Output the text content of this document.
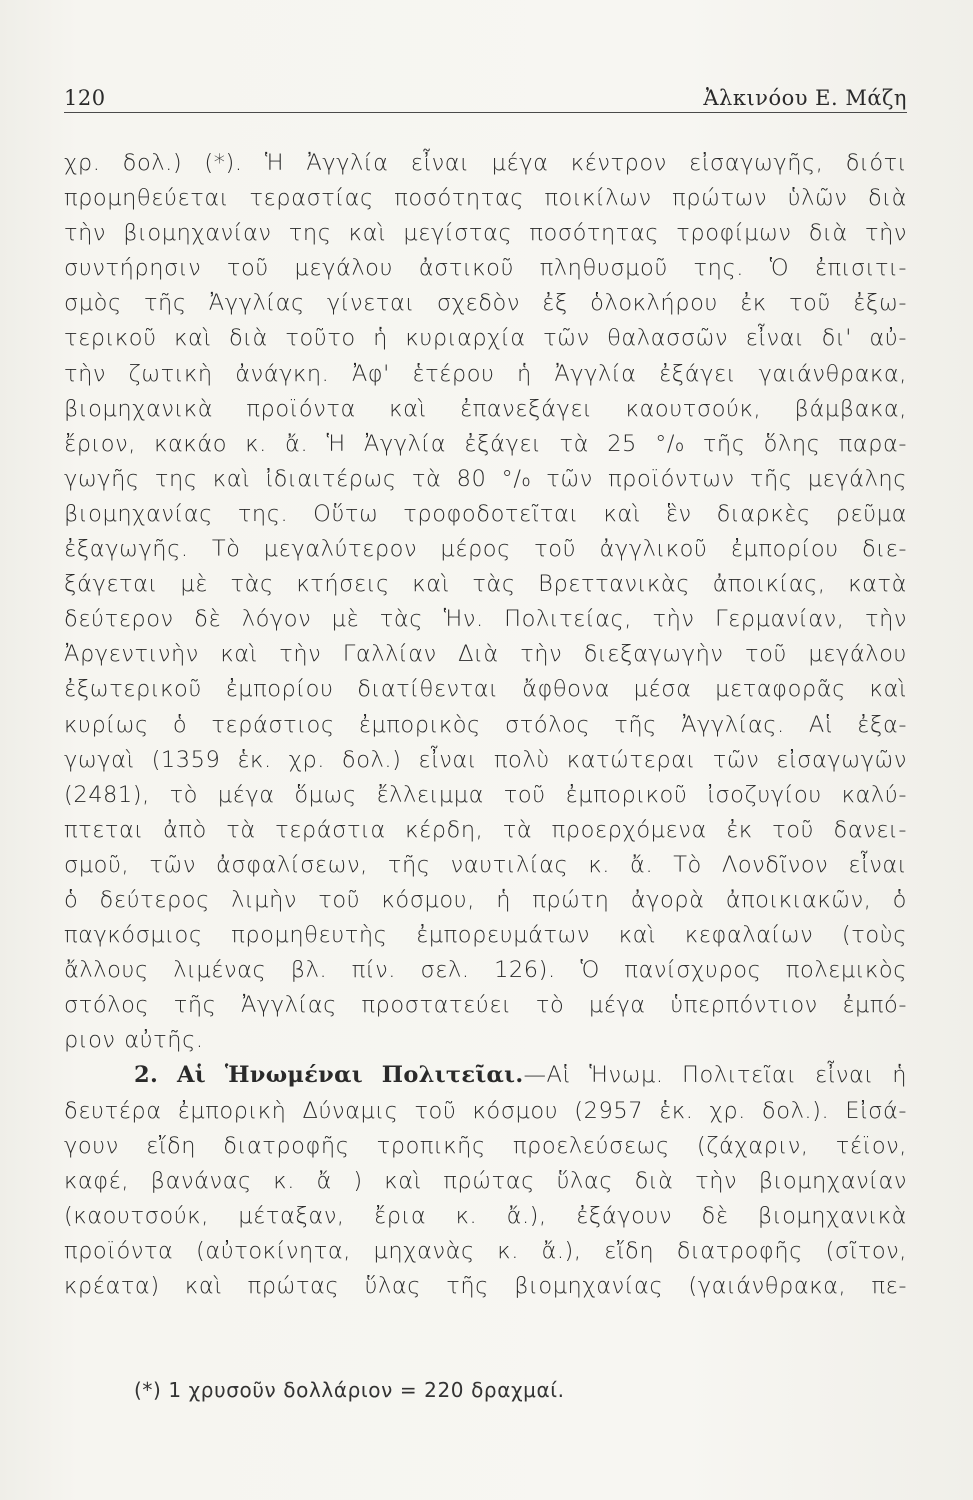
120	Ἀλκινόου Ε. Μάζη
χρ. δολ.) (*). Ἡ Ἀγγλία εἶναι μέγα κέντρον εἰσαγωγῆς, διότι
προμηθεύεται τεραστίας ποσότητας ποικίλων πρώτων ὑλῶν διὰ
τὴν βιομηχανίαν της καὶ μεγίστας ποσότητας τροφίμων διὰ τὴν
συντήρησιν τοῦ μεγάλου ἀστικοῦ πληθυσμοῦ της. Ὁ ἐπισιτι-
σμὸς τῆς Ἀγγλίας γίνεται σχεδὸν ἐξ ὁλοκλήρου ἐκ τοῦ ἐξω-
τερικοῦ καὶ διὰ τοῦτο ἡ κυριαρχία τῶν θαλασσῶν εἶναι δι' αὐ-
τὴν ζωτικὴ ἀνάγκη. Ἀφ' ἑτέρου ἡ Ἀγγλία ἐξάγει γαιάνθρακα,
βιομηχανικὰ προϊόντα καὶ ἐπανεξάγει καουτσούκ, βάμβακα,
ἔριον, κακάο κ. ἄ. Ἡ Ἀγγλία ἐξάγει τὰ 25 °/₀ τῆς ὅλης παρα-
γωγῆς της καὶ ἰδιαιτέρως τὰ 80 °/₀ τῶν προϊόντων τῆς μεγάλης
βιομηχανίας της. Οὕτω τροφοδοτεῖται καὶ ἓν διαρκὲς ρεῦμα
ἐξαγωγῆς. Τὸ μεγαλύτερον μέρος τοῦ ἀγγλικοῦ ἐμπορίου διε-
ξάγεται μὲ τὰς κτήσεις καὶ τὰς Βρεττανικὰς ἀποικίας, κατὰ
δεύτερον δὲ λόγον μὲ τὰς Ἡν. Πολιτείας, τὴν Γερμανίαν, τὴν
Ἀργεντινὴν καὶ τὴν Γαλλίαν Διὰ τὴν διεξαγωγὴν τοῦ μεγάλου
ἐξωτερικοῦ ἐμπορίου διατίθενται ἄφθονα μέσα μεταφορᾶς καὶ
κυρίως ὁ τεράστιος ἐμπορικὸς στόλος τῆς Ἀγγλίας. Αἱ ἐξα-
γωγαὶ (1359 ἑκ. χρ. δολ.) εἶναι πολὺ κατώτεραι τῶν εἰσαγωγῶν
(2481), τὸ μέγα ὅμως ἔλλειμμα τοῦ ἐμπορικοῦ ἰσοζυγίου καλύ-
πτεται ἀπὸ τὰ τεράστια κέρδη, τὰ προερχόμενα ἐκ τοῦ δανει-
σμοῦ, τῶν ἀσφαλίσεων, τῆς ναυτιλίας κ. ἄ. Τὸ Λονδῖνον εἶναι
ὁ δεύτερος λιμὴν τοῦ κόσμου, ἡ πρώτη ἀγορὰ ἀποικιακῶν, ὁ
παγκόσμιος προμηθευτὴς ἐμπορευμάτων καὶ κεφαλαίων (τοὺς
ἄλλους λιμένας βλ. πίν. σελ. 126). Ὁ πανίσχυρος πολεμικὸς
στόλος τῆς Ἀγγλίας προστατεύει τὸ μέγα ὑπερπόντιον ἐμπό-
ριον αὐτῆς.
2. Αἱ Ἡνωμέναι Πολιτεῖαι.—Αἱ Ἡνωμ. Πολιτεῖαι εἶναι ἡ
δευτέρα ἐμπορικὴ Δύναμις τοῦ κόσμου (2957 ἑκ. χρ. δολ.). Εἰσά-
γουν εἴδη διατροφῆς τροπικῆς προελεύσεως (ζάχαριν, τέϊον,
καφέ, βανάνας κ. ἄ ) καὶ πρώτας ὕλας διὰ τὴν βιομηχανίαν
(καουτσούκ, μέταξαν, ἔρια κ. ἄ.), ἐξάγουν δὲ βιομηχανικὰ
προϊόντα (αὐτοκίνητα, μηχανὰς κ. ἄ.), εἴδη διατροφῆς (σῖτον,
κρέατα) καὶ πρώτας ὕλας τῆς βιομηχανίας (γαιάνθρακα, πε-
(*) 1 χρυσοῦν δολλάριον = 220 δραχμαί.
